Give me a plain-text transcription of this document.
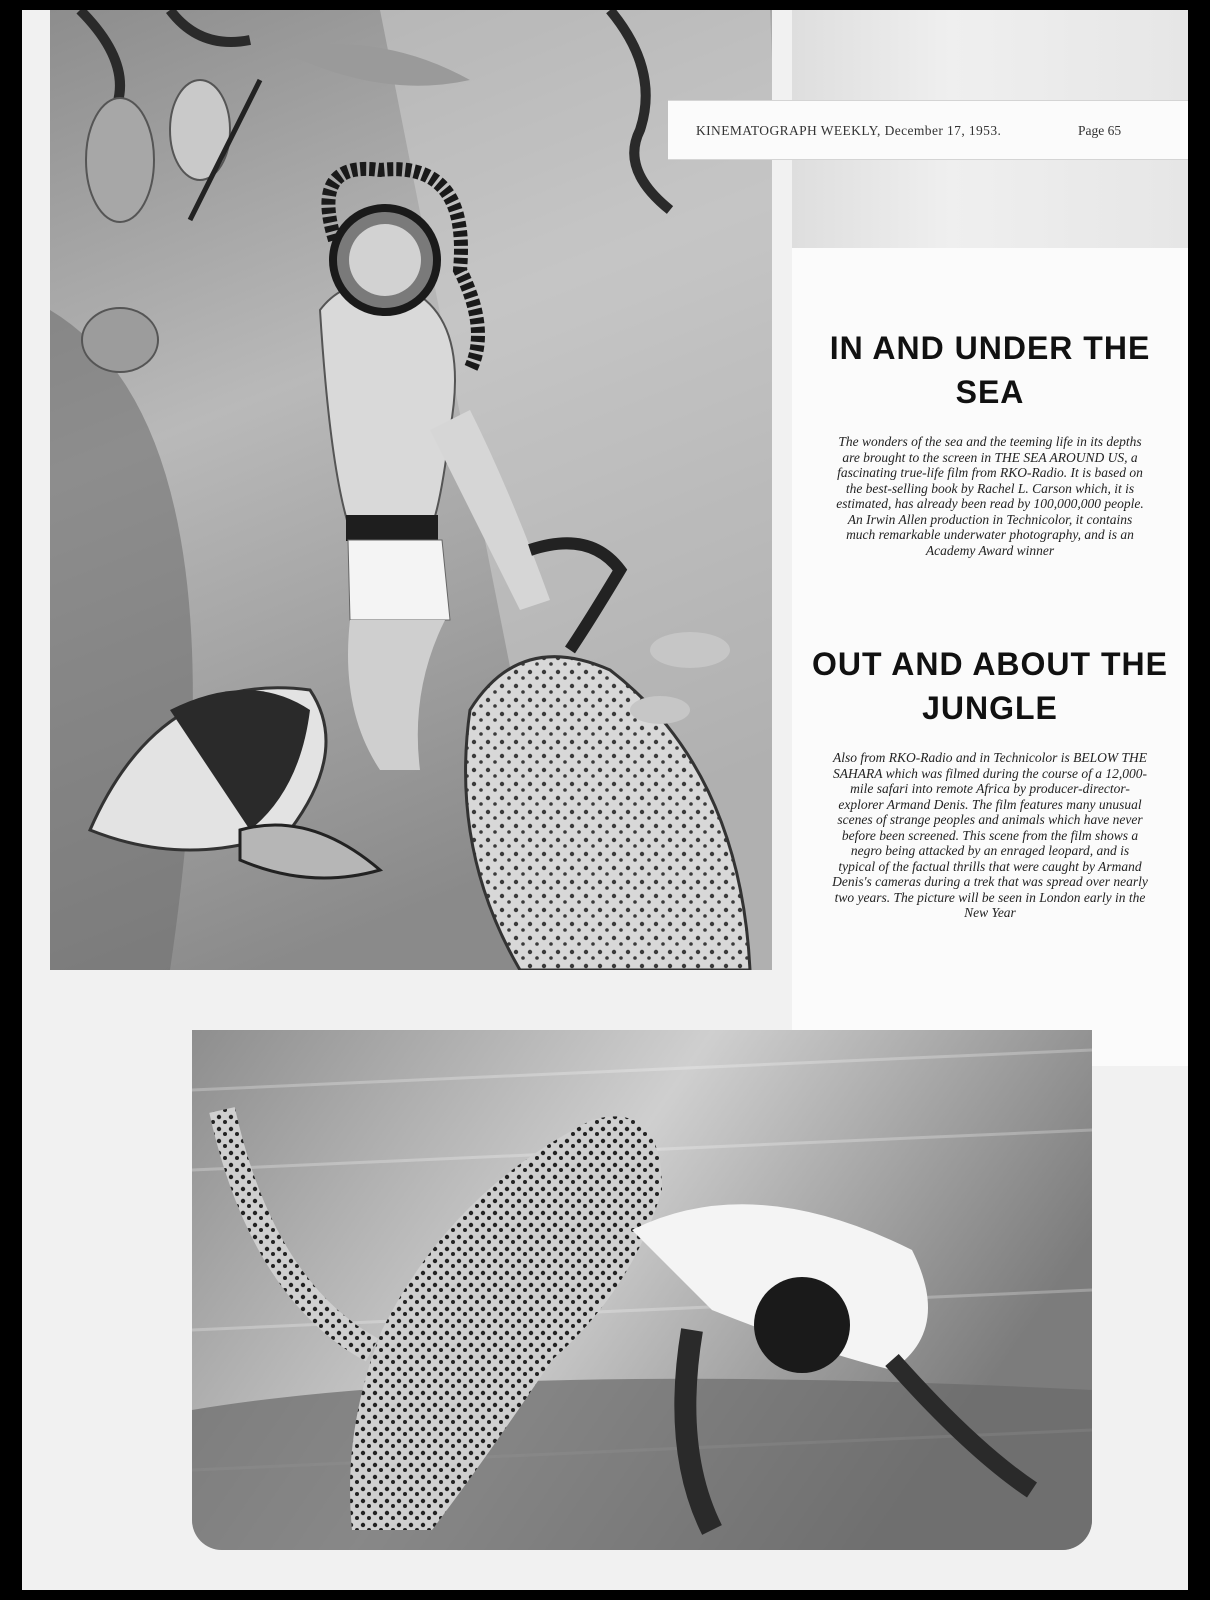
KINEMATOGRAPH WEEKLY, December 17, 1953.	Page 65
IN AND UNDER THE SEA

The wonders of the sea and the teeming life in its depths are brought to the screen in THE SEA AROUND US, a fascinating true-life film from RKO-Radio. It is based on the best-selling book by Rachel L. Carson which, it is estimated, has already been read by 100,000,000 people. An Irwin Allen production in Technicolor, it contains much remarkable underwater photography, and is an Academy Award winner

OUT AND ABOUT THE JUNGLE

Also from RKO-Radio and in Technicolor is BELOW THE SAHARA which was filmed during the course of a 12,000-mile safari into remote Africa by producer-director-explorer Armand Denis. The film features many unusual scenes of strange peoples and animals which have never before been screened. This scene from the film shows a negro being attacked by an enraged leopard, and is typical of the factual thrills that were caught by Armand Denis's cameras during a trek that was spread over nearly two years. The picture will be seen in London early in the New Year
